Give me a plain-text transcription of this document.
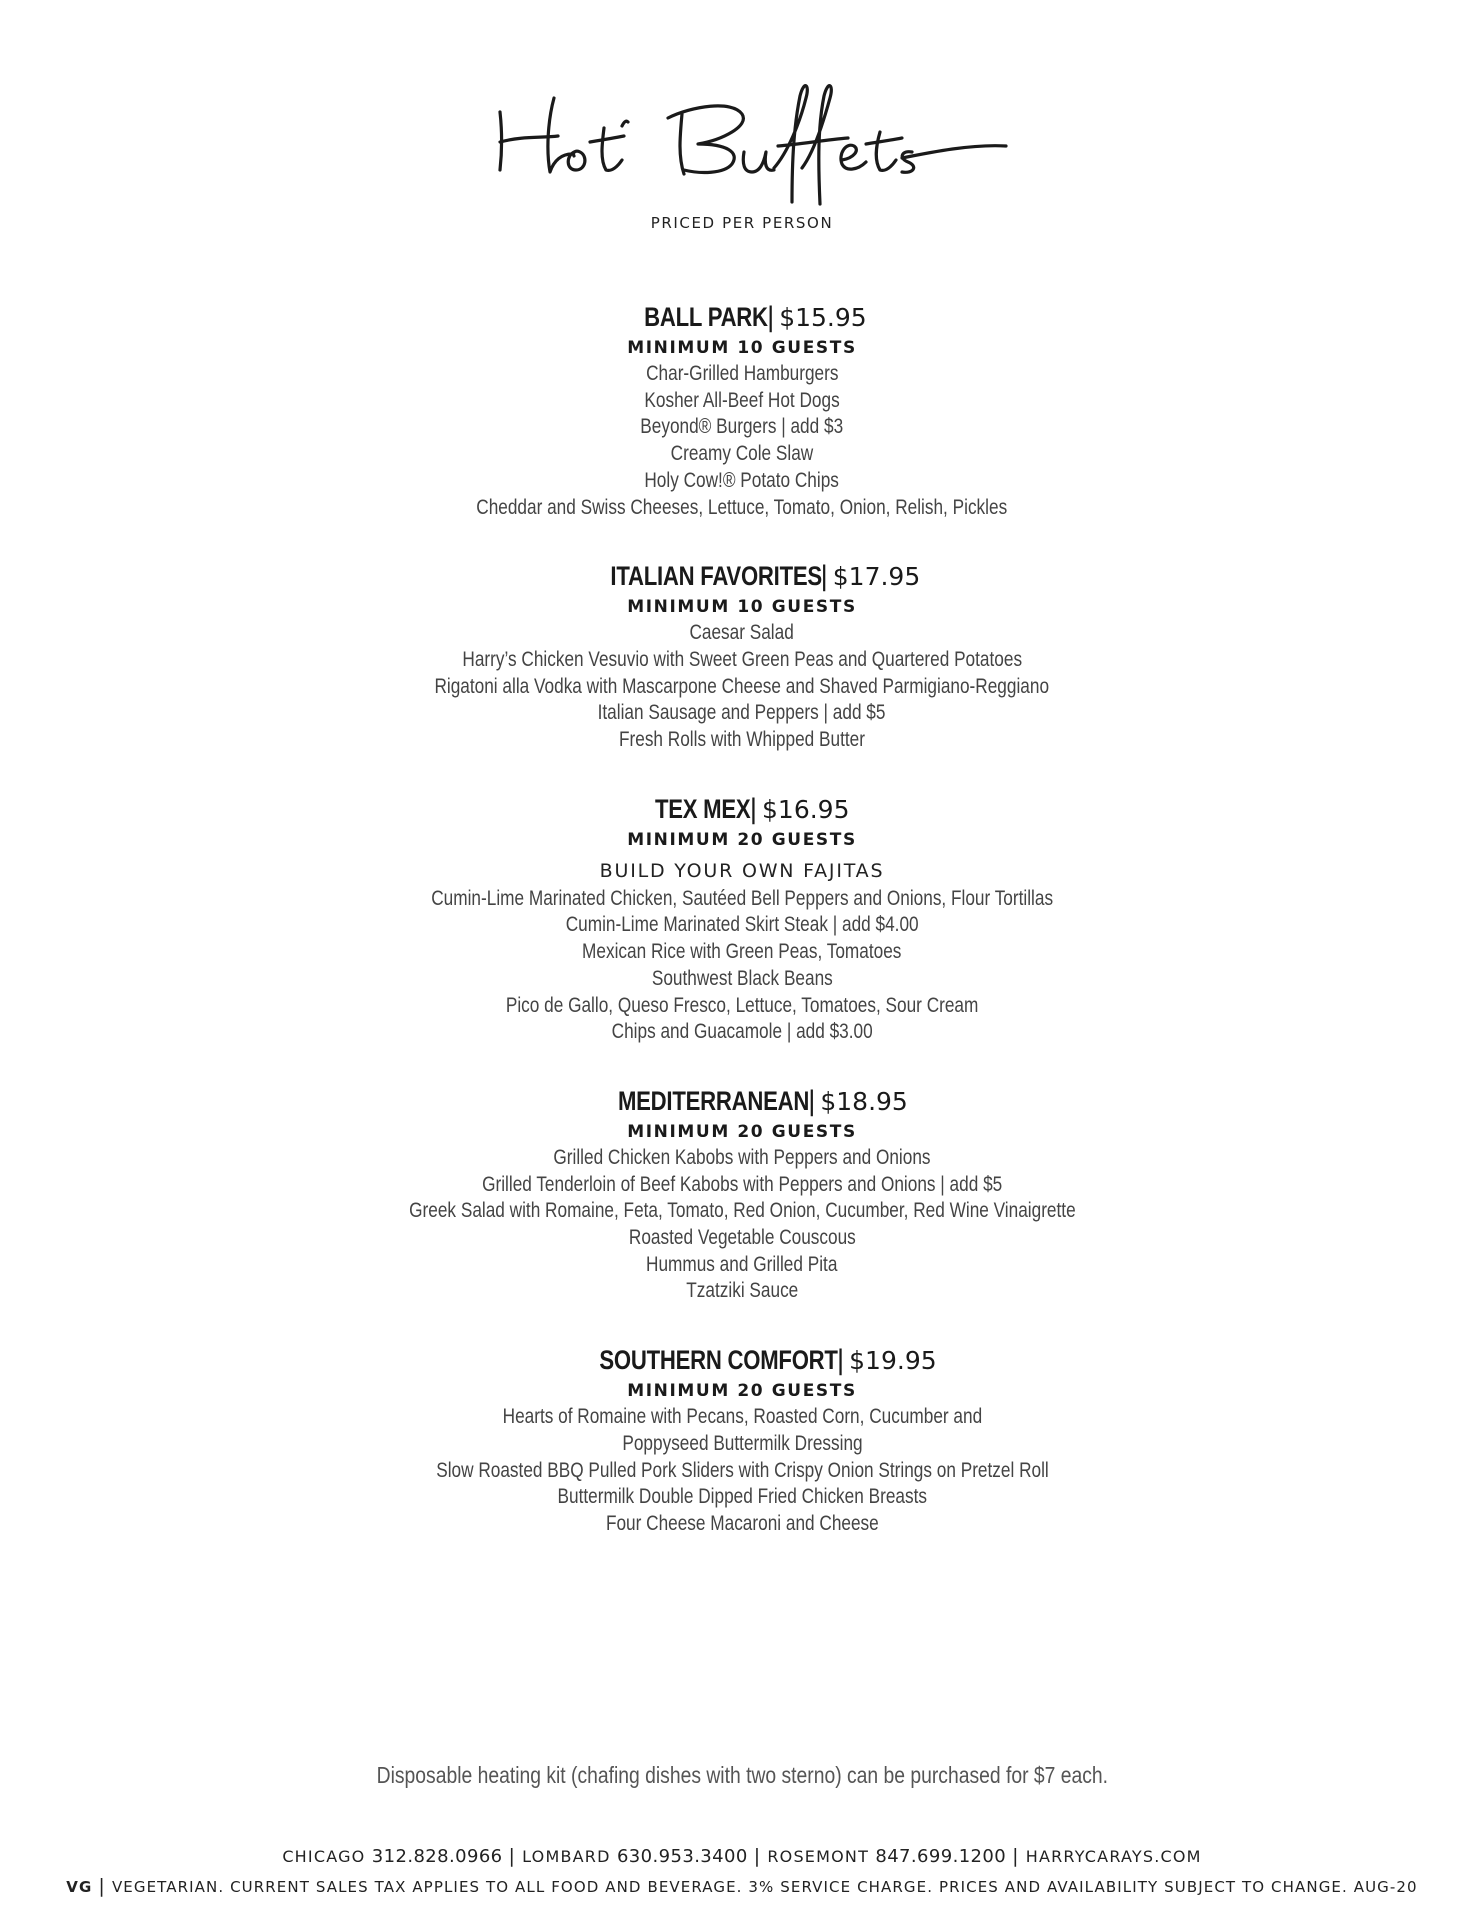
PRICED PER PERSON
BALL PARK| $15.95
MINIMUM 10 GUESTS
Char-Grilled Hamburgers
Kosher All-Beef Hot Dogs
Beyond® Burgers | add $3
Creamy Cole Slaw
Holy Cow!® Potato Chips
Cheddar and Swiss Cheeses, Lettuce, Tomato, Onion, Relish, Pickles
ITALIAN FAVORITES| $17.95
MINIMUM 10 GUESTS
Caesar Salad
Harry’s Chicken Vesuvio with Sweet Green Peas and Quartered Potatoes
Rigatoni alla Vodka with Mascarpone Cheese and Shaved Parmigiano-Reggiano
Italian Sausage and Peppers | add $5
Fresh Rolls with Whipped Butter
TEX MEX| $16.95
MINIMUM 20 GUESTS
BUILD YOUR OWN FAJITAS
Cumin-Lime Marinated Chicken, Sautéed Bell Peppers and Onions, Flour Tortillas
Cumin-Lime Marinated Skirt Steak | add $4.00
Mexican Rice with Green Peas, Tomatoes
Southwest Black Beans
Pico de Gallo, Queso Fresco, Lettuce, Tomatoes, Sour Cream
Chips and Guacamole | add $3.00
MEDITERRANEAN| $18.95
MINIMUM 20 GUESTS
Grilled Chicken Kabobs with Peppers and Onions
Grilled Tenderloin of Beef Kabobs with Peppers and Onions | add $5
Greek Salad with Romaine, Feta, Tomato, Red Onion, Cucumber, Red Wine Vinaigrette
Roasted Vegetable Couscous
Hummus and Grilled Pita
Tzatziki Sauce
SOUTHERN COMFORT| $19.95
MINIMUM 20 GUESTS
Hearts of Romaine with Pecans, Roasted Corn, Cucumber and
Poppyseed Buttermilk Dressing
Slow Roasted BBQ Pulled Pork Sliders with Crispy Onion Strings on Pretzel Roll
Buttermilk Double Dipped Fried Chicken Breasts
Four Cheese Macaroni and Cheese
Disposable heating kit (chafing dishes with two sterno) can be purchased for $7 each.
CHICAGO 312.828.0966 | LOMBARD 630.953.3400 | ROSEMONT 847.699.1200 | HARRYCARAYS.COM
VG | VEGETARIAN. CURRENT SALES TAX APPLIES TO ALL FOOD AND BEVERAGE. 3% SERVICE CHARGE. PRICES AND AVAILABILITY SUBJECT TO CHANGE. AUG-20
